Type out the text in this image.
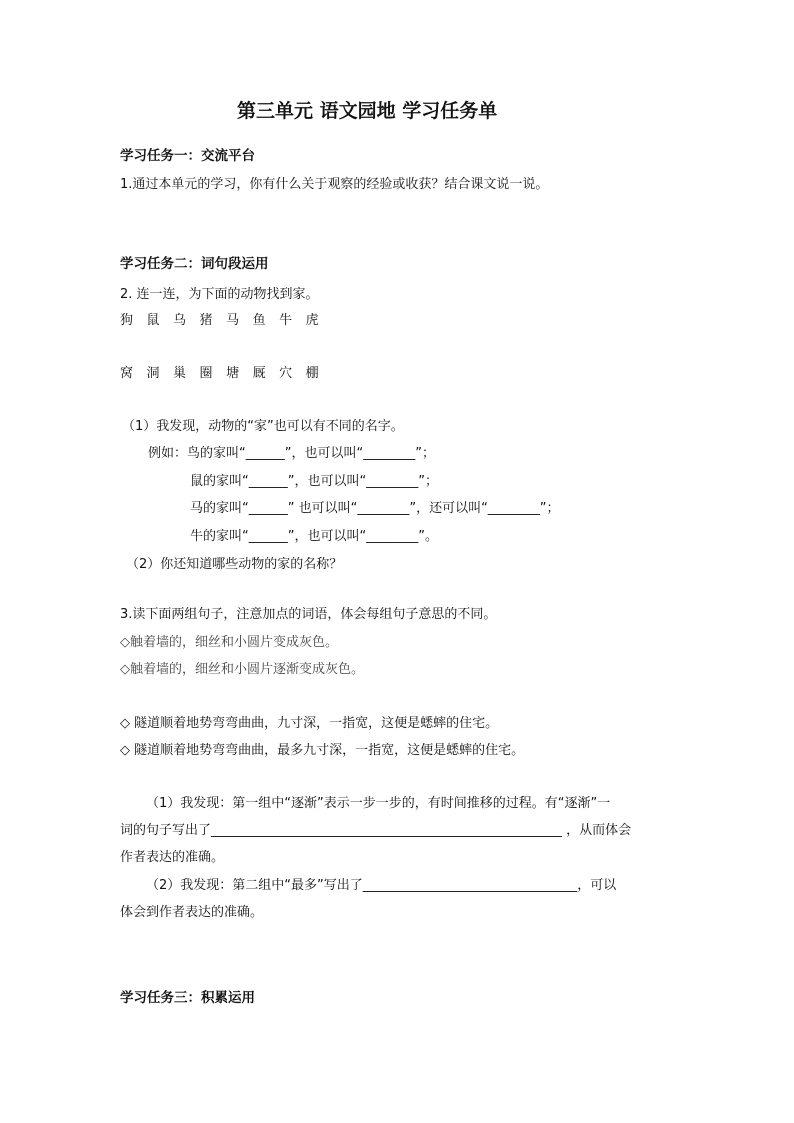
第三单元 语文园地 学习任务单
学习任务一：交流平台
1.通过本单元的学习，你有什么关于观察的经验或收获？结合课文说一说。
学习任务二：词句段运用
2. 连一连，为下面的动物找到家。
狗 鼠 乌 猪 马 鱼 牛 虎
窝 洞 巢 圈 塘 厩 穴 棚
（1）我发现，动物的“家”也可以有不同的名字。
例如：鸟的家叫“______”，也可以叫“________”；
鼠的家叫“______”，也可以叫“________”；
马的家叫“______” 也可以叫“________”，还可以叫“________”；
牛的家叫“______”，也可以叫“________”。
（2）你还知道哪些动物的家的名称？
3.读下面两组句子，注意加点的词语，体会每组句子意思的不同。
◇触着墙的，细丝和小圆片变成灰色。
◇触着墙的，细丝和小圆片逐渐变成灰色。
◇ 隧道顺着地势弯弯曲曲，九寸深，一指宽，这便是蟋蟀的住宅。
◇ 隧道顺着地势弯弯曲曲，最多九寸深，一指宽，这便是蟋蟀的住宅。
（1）我发现：第一组中“逐渐”表示一步一步的，有时间推移的过程。有“逐渐”一
词的句子写出了______________________________________________________ ，从而体会
作者表达的准确。
（2）我发现：第二组中“最多”写出了_________________________________，可以
体会到作者表达的准确。
学习任务三：积累运用
